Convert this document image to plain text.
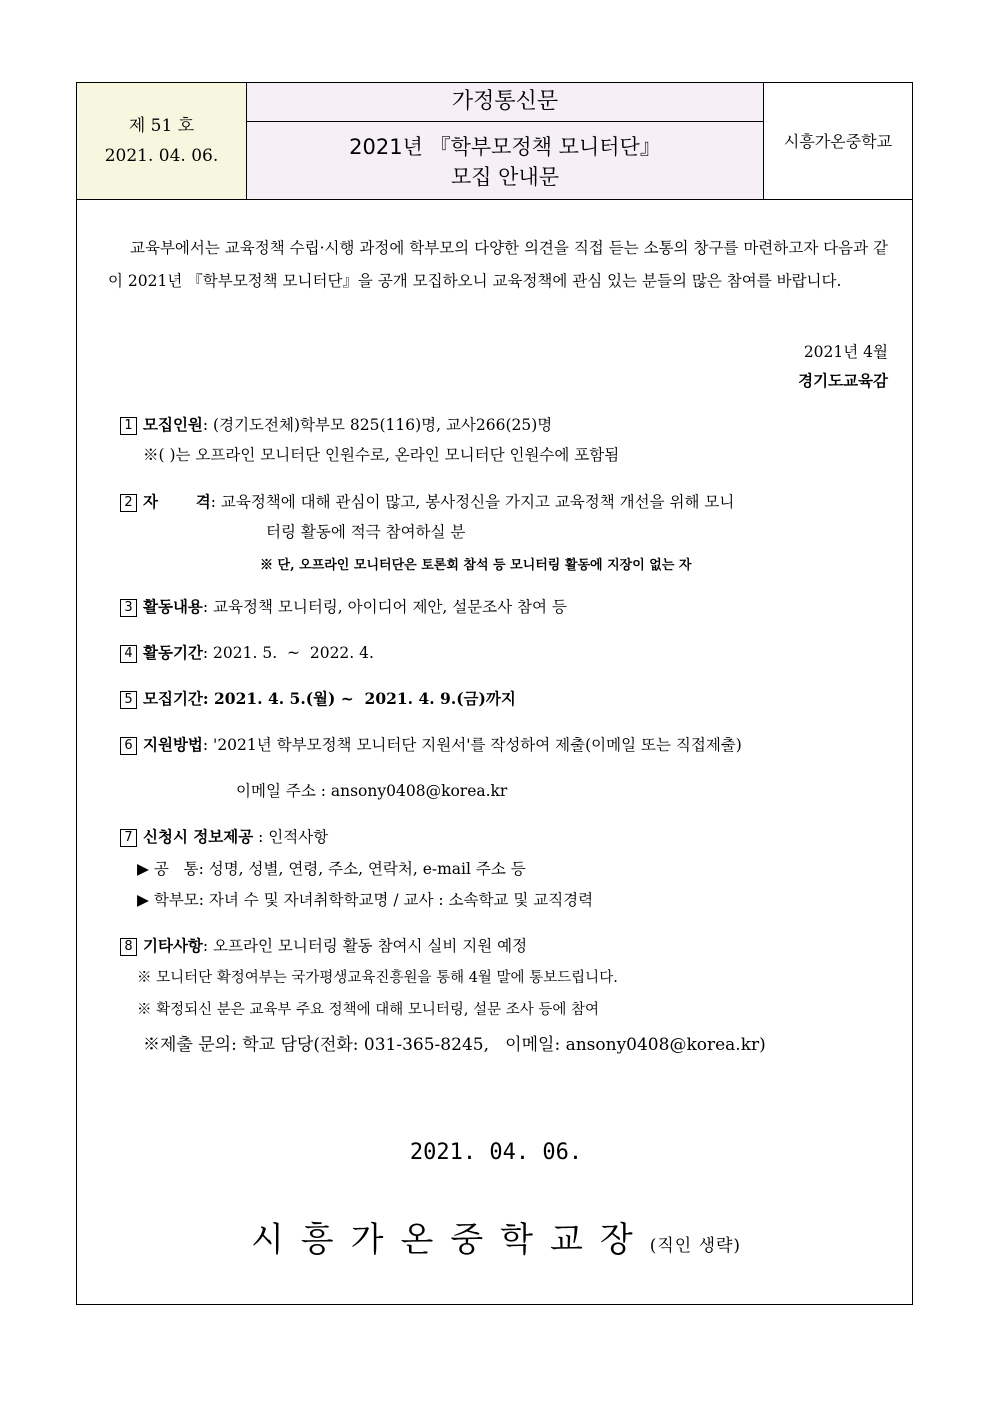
제 51 호
2021. 04. 06.
가정통신문
2021년 『학부모정책 모니터단』
모집 안내문
시흥가온중학교

교육부에서는 교육정책 수립·시행 과정에 학부모의 다양한 의견을 직접 듣는 소통의 창구를 마련하고자 다음과 같이 2021년 『학부모정책 모니터단』을 공개 모집하오니 교육정책에 관심 있는 분들의 많은 참여를 바랍니다.

2021년 4월
경기도교육감
1 모집인원: (경기도전체)학부모 825(116)명, 교사266(25)명
※( )는 오프라인 모니터단 인원수로, 온라인 모니터단 인원수에 포함됨
2 자       격: 교육정책에 대해 관심이 많고, 봉사정신을 가지고 교육정책 개선을 위해 모니
터링 활동에 적극 참여하실 분
※ 단, 오프라인 모니터단은 토론회 참석 등 모니터링 활동에 지장이 없는 자
3 활동내용: 교육정책 모니터링, 아이디어 제안, 설문조사 참여 등
4 활동기간: 2021. 5.  ~  2022. 4.
5 모집기간: 2021. 4. 5.(월) ~  2021. 4. 9.(금)까지
6 지원방법: '2021년 학부모정책 모니터단 지원서'를 작성하여 제출(이메일 또는 직접제출)
이메일 주소 : ansony0408@korea.kr
7 신청시 정보제공 : 인적사항
▶ 공   통: 성명, 성별, 연령, 주소, 연락처, e-mail 주소 등
▶ 학부모: 자녀 수 및 자녀취학학교명 / 교사 : 소속학교 및 교직경력
8 기타사항: 오프라인 모니터링 활동 참여시 실비 지원 예정
※ 모니터단 확정여부는 국가평생교육진흥원을 통해 4월 말에 통보드립니다.
※ 확정되신 분은 교육부 주요 정책에 대해 모니터링, 설문 조사 등에 참여
※제출 문의: 학교 담당(전화: 031-365-8245,   이메일: ansony0408@korea.kr)
2021. 04. 06.
시흥가온중학교장(직인 생략)
